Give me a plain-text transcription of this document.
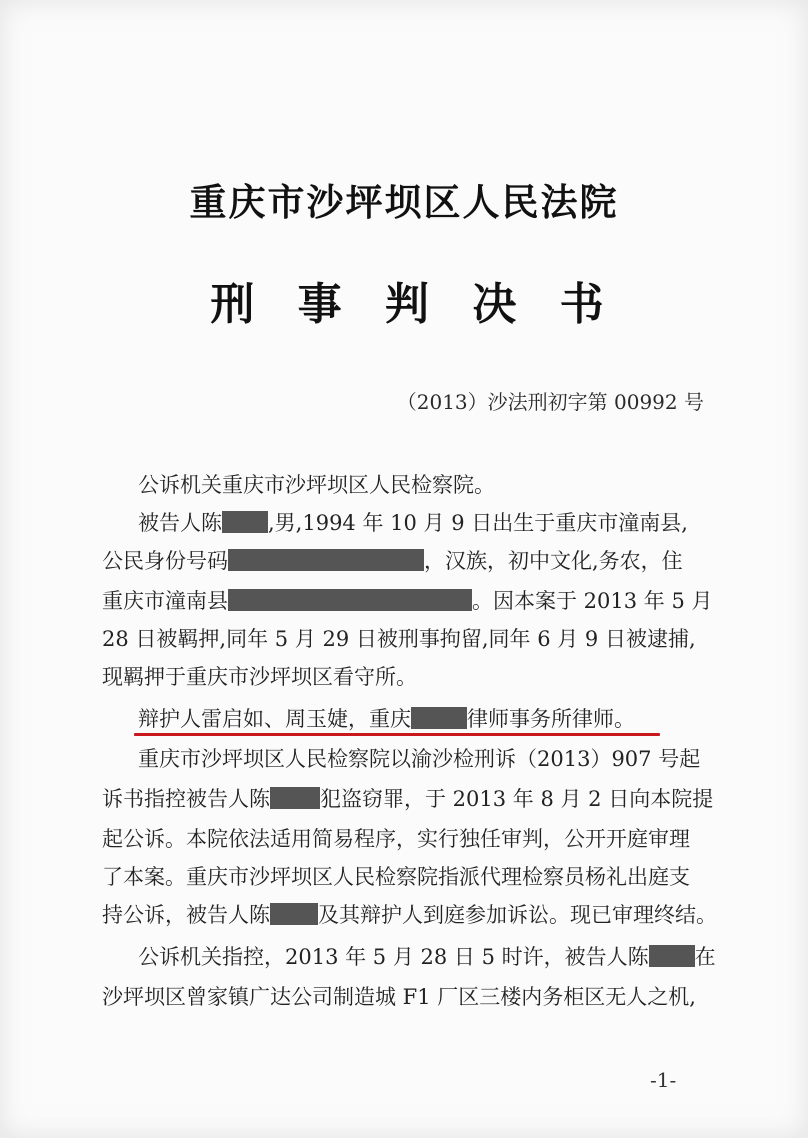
重庆市沙坪坝区人民法院
刑 事 判 决 书
（2013）沙法刑初字第 00992 号
公诉机关重庆市沙坪坝区人民检察院。
被告人陈 ,男,1994 年 10 月 9 日出生于重庆市潼南县,
公民身份号码	，汉族，初中文化,务农，住
重庆市潼南县	。因本案于 2013 年 5 月
28 日被羁押,同年 5 月 29 日被刑事拘留,同年 6 月 9 日被逮捕,
现羁押于重庆市沙坪坝区看守所。
辩护人雷启如、周玉婕，重庆	律师事务所律师。
重庆市沙坪坝区人民检察院以渝沙检刑诉（2013）907 号起
诉书指控被告人陈 犯盗窃罪，于 2013 年 8 月 2 日向本院提
起公诉。本院依法适用简易程序，实行独任审判，公开开庭审理
了本案。重庆市沙坪坝区人民检察院指派代理检察员杨礼出庭支
持公诉，被告人陈 及其辩护人到庭参加诉讼。现已审理终结。
公诉机关指控，2013 年 5 月 28 日 5 时许，被告人陈 在
沙坪坝区曾家镇广达公司制造城 F1 厂区三楼内务柜区无人之机,
-1-
